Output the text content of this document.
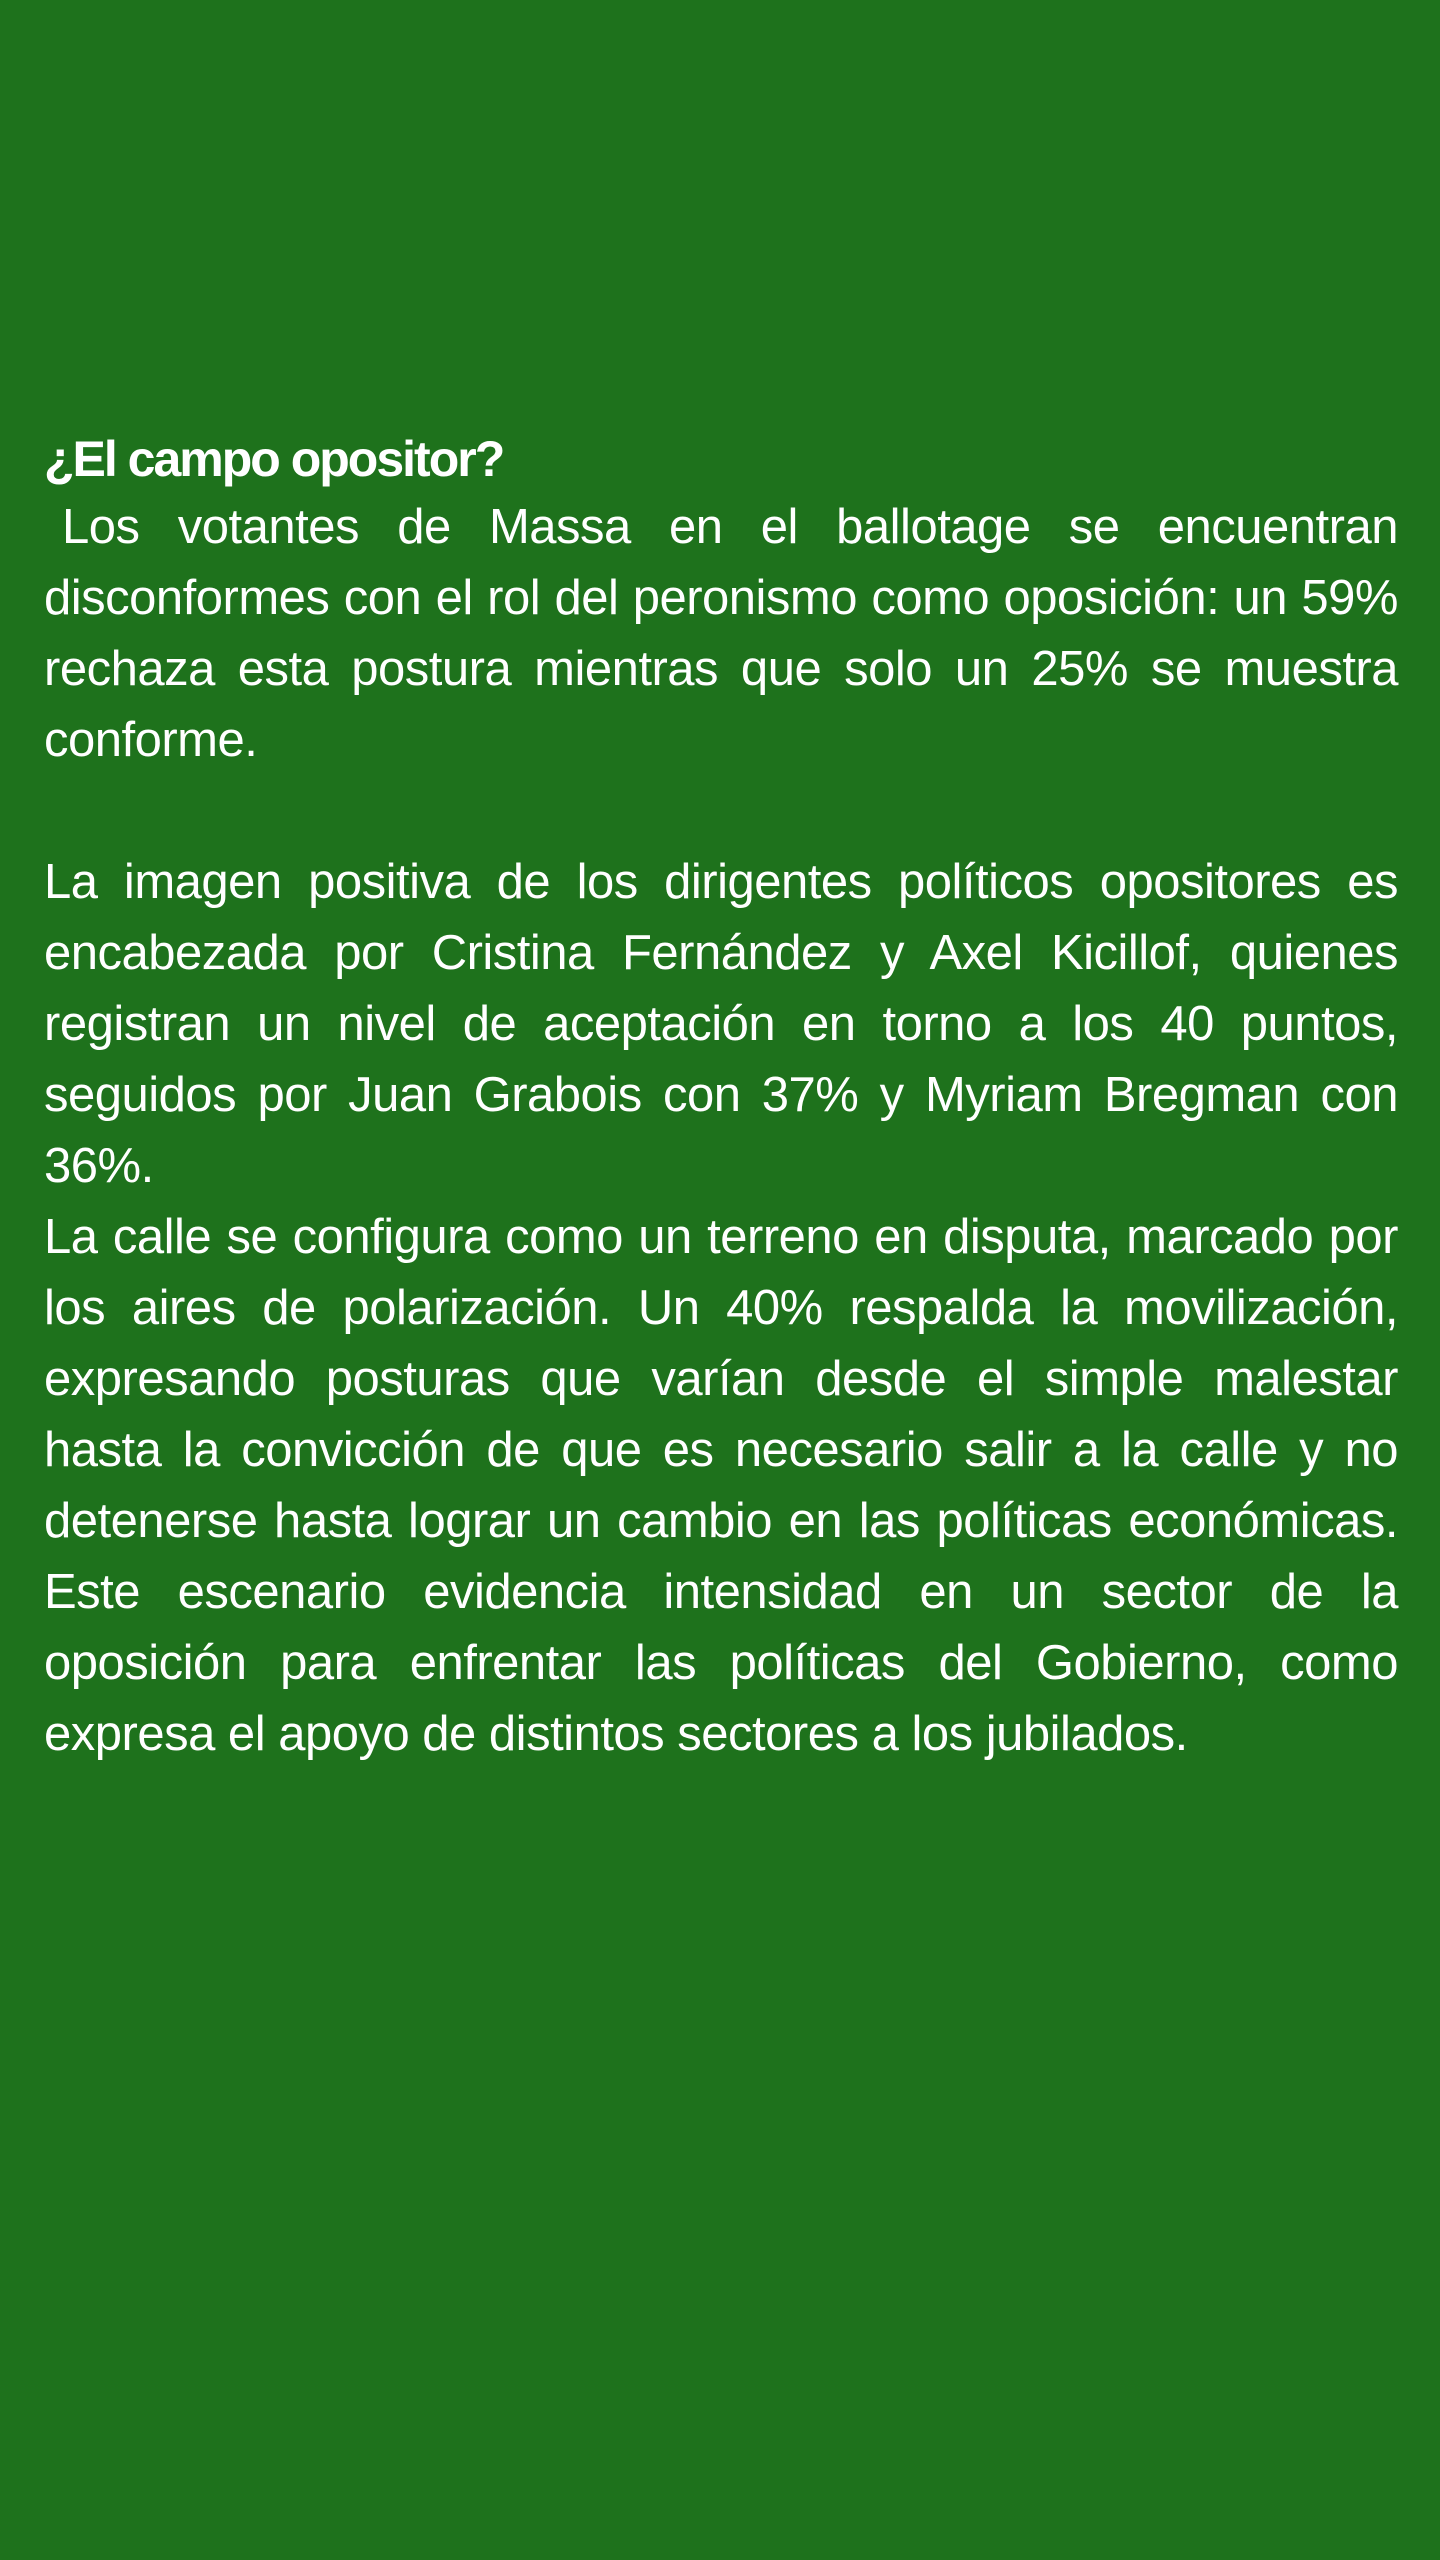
¿El campo opositor?

Los votantes de Massa en el ballotage se encuentran disconformes con el rol del peronismo como oposición: un 59% rechaza esta postura mientras que solo un 25% se muestra conforme.

La imagen positiva de los dirigentes políticos opositores es encabezada por Cristina Fernández y Axel Kicillof, quienes registran un nivel de aceptación en torno a los 40 puntos, seguidos por Juan Grabois con 37% y Myriam Bregman con 36%.

La calle se configura como un terreno en disputa, marcado por los aires de polarización. Un 40% respalda la movilización, expresando posturas que varían desde el simple malestar hasta la convicción de que es necesario salir a la calle y no detenerse hasta lograr un cambio en las políticas económicas. Este escenario evidencia intensidad en un sector de la oposición para enfrentar las políticas del Gobierno, como expresa el apoyo de distintos sectores a los jubilados.
